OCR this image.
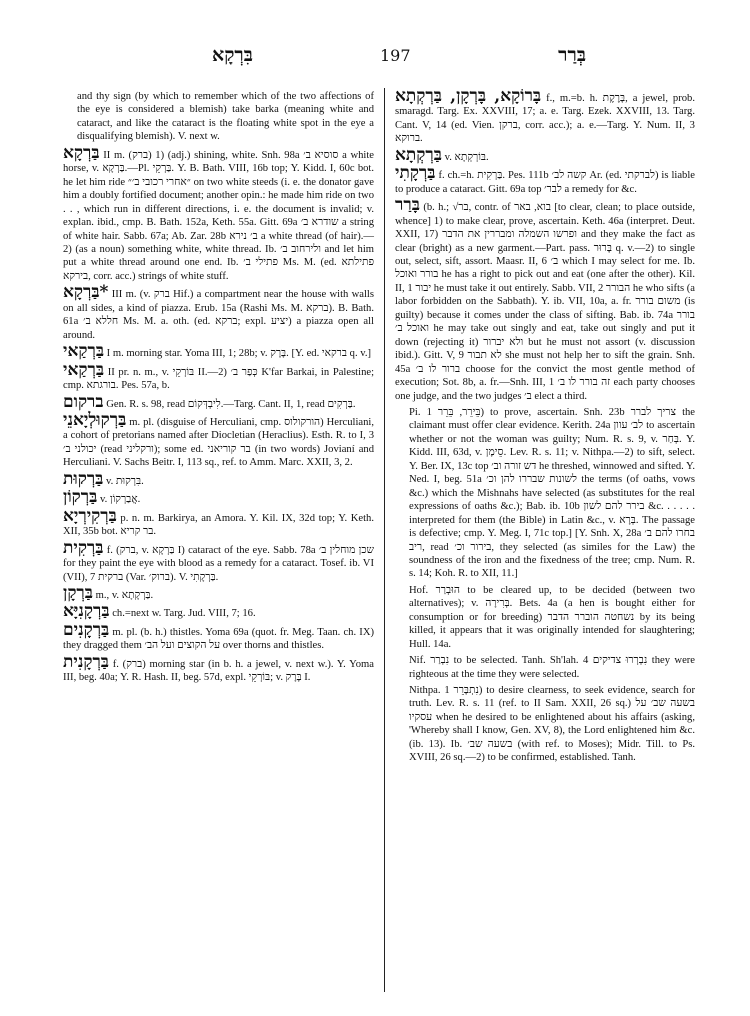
בִּרְקָא	197	בְּרַר
and thy sign (by which to remember which of the two affections of the eye is considered a blemish) take barka (meaning white and cataract, and like the cataract is the floating white spot in the eye a disqualifying blemish). V. next w.
בַּרְקָא II m. (ברק) 1) (adj.) shining, white. Snh. 98a סוסיא ב׳ a white horse, v. בַּרְקָא.—Pl. בַּרְקֵי. Y. B. Bath. VIII, 16b top; Y. Kidd. I, 60c bot. he let him ride ״אחרי רכובי ב׳״ on two white steeds (i. e. the donator gave him a doubly fortified document; another opin.: he made him ride on two . . , which run in different directions, i. e. the document is invalid; v. explan. ibid., cmp. B. Bath. 152a, Keth. 55a. Gitt. 69a שודרא ב׳ a string of white hair. Sabb. 67a; Ab. Zar. 28b ב׳ נירא a white thread (of hair).—2) (as a noun) something white, white thread. Ib. ולירחוב ב׳ and let him put a white thread around one end. Ib. פתילי ב׳ Ms. M. (ed. פתילתא בירקא, corr. acc.) strings of white stuff.
*בַּרְקָא III m. (v. ברק Hif.) a compartment near the house with walls on all sides, a kind of piazza. Erub. 15a (Rashi Ms. M. ברקא). B. Bath. 61a חללא ב׳ Ms. M. a. oth. (ed. ברקא; expl. יציע) a piazza open all around.
בַּרְקַאי I m. morning star. Yoma III, 1; 28b; v. בָּרָק. [Y. ed. ברקאי q. v.]
בַּרְקַאי II pr. n. m., v. בּוֹרְקֵי II.—2) כְּפַר ב׳ K'far Barkai, in Palestine; cmp. בורגתא. Pes. 57a, b.
ברקום Gen. R. s. 98, read לִיבְדְּקוֹם.—Targ. Cant. II, 1, read בַּרְקִים.
בַּרְקוּלְיָאנֵי m. pl. (disguise of Herculiani, cmp. הורקולוס) Herculiani, a cohort of pretorians named after Diocletian (Heraclius). Esth. R. to I, 3 יכולני ב׳ (read ורקליני); some ed. בר קוריאני (in two words) Jovianí and Herculiani. V. Sachs Beitr. I, 113 sq., ref. to Amm. Marc. XXII, 3, 2.
בַּרְקוּת v. בִּרְקוּת.
בַּרְקוֹן v. אֲבַרְקוֹן.
בַּרְקִירְיָא p. n. m. Barkirya, an Amora. Y. Kil. IX, 32d top; Y. Keth. XII, 35b bot. בר קריא.
בַּרְקִית f. (ברק, v. בַּרְקָא I) cataract of the eye. Sabb. 78a שכן מוחלין ב׳ for they paint the eye with blood as a remedy for a cataract. Tosef. ib. VI (VII), 7 ברקית (Var. ברוק׳). V. בַּרְקָתִי.
בַּרְקָן m., v. בַּרְקָתָא.
בַּרְקָנִיָּא ch.=next w. Targ. Jud. VIII, 7; 16.
בַּרְקָנִים m. pl. (b. h.) thistles. Yoma 69a (quot. fr. Meg. Taan. ch. IX) they dragged them על הקוצים ועל הב׳ over thorns and thistles.
בַּרְקָנִית f. (ברק) morning star (in b. h. a jewel, v. next w.). Y. Yoma III, beg. 40a; Y. R. Hash. II, beg. 57d, expl. בּוֹרְקֵי; v. בָּרָק I.
בָּרוֹקָא, בָּרְקָן, בַּרְקְתָא f., m.=b. h. בָּרֶקֶת, a jewel, prob. smaragd. Targ. Ex. XXVIII, 17; a. e. Targ. Ezek. XXVIII, 13. Targ. Cant. V, 14 (ed. Vien. ברקן, corr. acc.); a. e.—Targ. Y. Num. II, 3 ברוקא.
בַּרְקְתָא v. בּוֹרְקְתָא.
בַּרְקָתִי f. ch.=h. בַּרְקִית. Pes. 111b קשה לב׳ Ar. (ed. לברקתי) is liable to produce a cataract. Gitt. 69a top לבר׳ a remedy for &c.
בָּרַר (b. h.; √בר, contr. of בוא, באר [to clear, clean; to place outside, whence] 1) to make clear, prove, ascertain. Keth. 46a (interpret. Deut. XXII, 17) ופרשו השמלה ומבררין את הדבר and they make the fact as clear (bright) as a new garment.—Part. pass. בָּרוּר q. v.—2) to single out, select, sift, assort. Maasr. II, 6 ב׳ which I may select for me. Ib. בורר ואוכל he has a right to pick out and eat (one after the other). Kil. II, 1 יבור he must take it out entirely. Sabb. VII, 2 הבורר he who sifts (a labor forbidden on the Sabbath). Y. ib. VII, 10a, a. fr. משום בורר (is guilty) because it comes under the class of sifting. Bab. ib. 74a בורר ואוכל ב׳ he may take out singly and eat, take out singly and put it down (rejecting it) ולא יברור but he must not assort (v. discussion ibid.). Gitt. V, 9 לא תבור she must not help her to sift the grain. Snh. 45a ברור לו ב׳ choose for the convict the most gentle method of execution; Sot. 8b, a. fr.—Snh. III, 1 זה בורר לו ב׳ each party chooses one judge, and the two judges ב׳ elect a third.
Pi. בֵּירֵר, בֵּרֵר 1) to prove, ascertain. Snh. 23b צריך לברר the claimant must offer clear evidence. Kerith. 24a לב׳ עוון to ascertain whether or not the woman was guilty; Num. R. s. 9, v. בְּחַר. Y. Kidd. III, 63d, v. סֵימָן. Lev. R. s. 11; v. Nithpa.—2) to sift, select. Y. Ber. IX, 13c top דש זורה וב׳ he threshed, winnowed and sifted. Y. Ned. I, beg. 51a לשונות שבררו להן וכ׳ the terms (of oaths, vows &c.) which the Mishnahs have selected (as substitutes for the real expressions of oaths &c.); Bab. ib. 10b בירר להם לשון &c. . . . . . interpreted for them (the Bible) in Latin &c., v. בְּרָא. The passage is defective; cmp. Y. Meg. I, 71c top.] [Y. Snh. X, 28a בחרו להם ב׳ ריב, read בירור וכ׳, they selected (as similes for the Law) the soundness of the iron and the fixedness of the tree; cmp. Num. R. s. 14; Koh. R. to XII, 11.]
Hof. הוּבְרַר to be cleared up, to be decided (between two alternatives); v. בְּרִירָה. Bets. 4a (a hen is bought either for consumption or for breeding) נשחטה הוברר הדבר by its being killed, it appears that it was originally intended for slaughtering; Hull. 14a.
Nif. נִבְרַר to be selected. Tanh. Sh'lah. 4 נִבְרְרוּ צדיקים they were righteous at the time they were selected.
Nithpa. נִתְבָּרֵר 1) to desire clearness, to seek evidence, search for truth. Lev. R. s. 11 (ref. to II Sam. XXII, 26 sq.) בשעה שב׳ על עסקיו when he desired to be enlightened about his affairs (asking, 'Whereby shall I know, Gen. XV, 8), the Lord enlightened him &c. (ib. 13). Ib. בשעה שב׳ (with ref. to Moses); Midr. Till. to Ps. XVIII, 26 sq.—2) to be confirmed, established. Tanh.
